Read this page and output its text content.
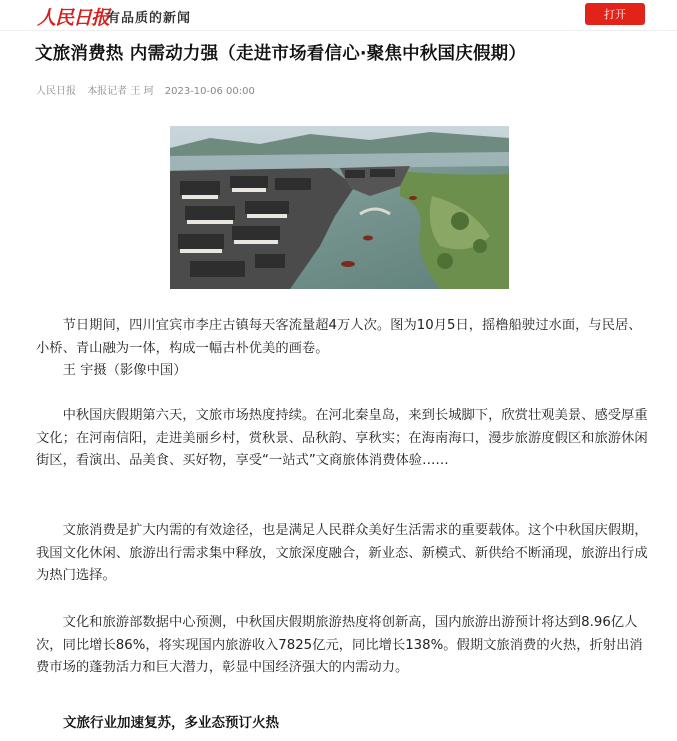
人民日报
有品质的新闻	打开
文旅消费热 内需动力强（走进市场看信心·聚焦中秋国庆假期）
人民日报 本报记者 王 珂 2023-10-06 00:00

节日期间，四川宜宾市李庄古镇每天客流量超4万人次。图为10月5日，摇橹船驶过水面，与民居、小桥、青山融为一体，构成一幅古朴优美的画卷。

王 宇摄（影像中国）

中秋国庆假期第六天，文旅市场热度持续。在河北秦皇岛，来到长城脚下，欣赏壮观美景、感受厚重文化；在河南信阳，走进美丽乡村，赏秋景、品秋韵、享秋实；在海南海口，漫步旅游度假区和旅游休闲街区，看演出、品美食、买好物，享受“一站式”文商旅体消费体验……

文旅消费是扩大内需的有效途径，也是满足人民群众美好生活需求的重要载体。这个中秋国庆假期，我国文化休闲、旅游出行需求集中释放，文旅深度融合，新业态、新模式、新供给不断涌现，旅游出行成为热门选择。

文化和旅游部数据中心预测，中秋国庆假期旅游热度将创新高，国内旅游出游预计将达到8.96亿人次，同比增长86%，将实现国内旅游收入7825亿元，同比增长138%。假期文旅消费的火热，折射出消费市场的蓬勃活力和巨大潜力，彰显中国经济强大的内需动力。

文旅行业加速复苏，多业态预订火热
